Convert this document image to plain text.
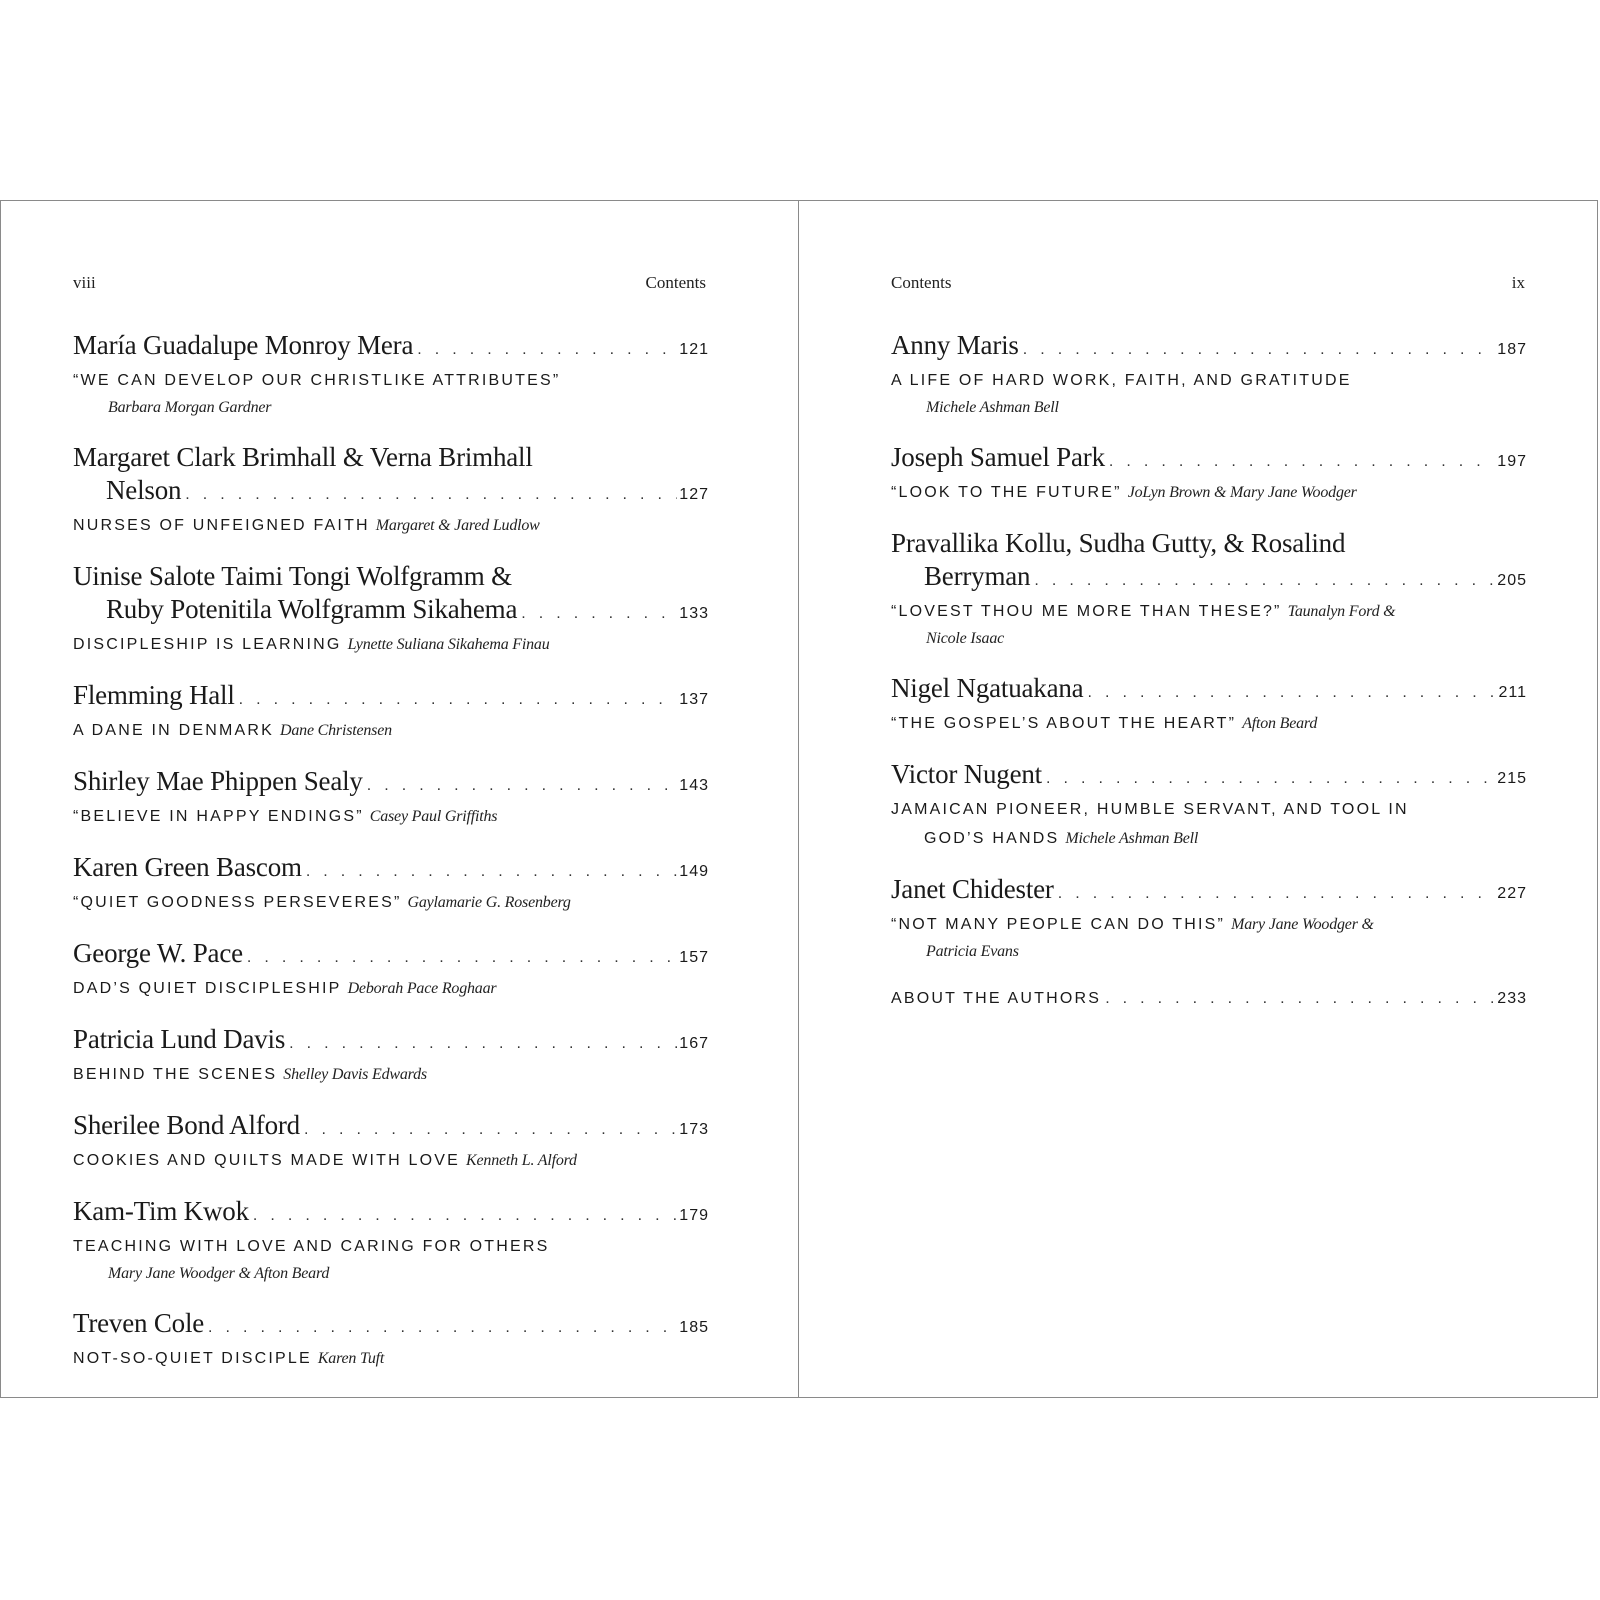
viii	Contents
María Guadalupe Monroy Mera . . .	121
“WE CAN DEVELOP OUR CHRISTLIKE ATTRIBUTES”
Barbara Morgan Gardner
Margaret Clark Brimhall & Verna Brimhall
Nelson . . .	127
NURSES OF UNFEIGNED FAITH Margaret & Jared Ludlow
Uinise Salote Taimi Tongi Wolfgramm &
Ruby Potenitila Wolfgramm Sikahema . . .	133
DISCIPLESHIP IS LEARNING Lynette Suliana Sikahema Finau
Flemming Hall . . .	137
A DANE IN DENMARK Dane Christensen
Shirley Mae Phippen Sealy . . .	143
“BELIEVE IN HAPPY ENDINGS” Casey Paul Griffiths
Karen Green Bascom . . .	149
“QUIET GOODNESS PERSEVERES” Gaylamarie G. Rosenberg
George W. Pace . . .	157
DAD’S QUIET DISCIPLESHIP Deborah Pace Roghaar
Patricia Lund Davis . . .	167
BEHIND THE SCENES Shelley Davis Edwards
Sherilee Bond Alford . . .	173
COOKIES AND QUILTS MADE WITH LOVE Kenneth L. Alford
Kam-Tim Kwok . . .	179
TEACHING WITH LOVE AND CARING FOR OTHERS
Mary Jane Woodger & Afton Beard
Treven Cole . . .	185
NOT-SO-QUIET DISCIPLE Karen Tuft
Contents	ix
Anny Maris . . .	187
A LIFE OF HARD WORK, FAITH, AND GRATITUDE
Michele Ashman Bell
Joseph Samuel Park . . .	197
“LOOK TO THE FUTURE” JoLyn Brown & Mary Jane Woodger
Pravallika Kollu, Sudha Gutty, & Rosalind
Berryman . . .	205
“LOVEST THOU ME MORE THAN THESE?” Taunalyn Ford &
Nicole Isaac
Nigel Ngatuakana . . .	211
“THE GOSPEL’S ABOUT THE HEART” Afton Beard
Victor Nugent . . .	215
JAMAICAN PIONEER, HUMBLE SERVANT, AND TOOL IN
GOD’S HANDS Michele Ashman Bell
Janet Chidester . . .	227
“NOT MANY PEOPLE CAN DO THIS” Mary Jane Woodger &
Patricia Evans
ABOUT THE AUTHORS . . .	233
